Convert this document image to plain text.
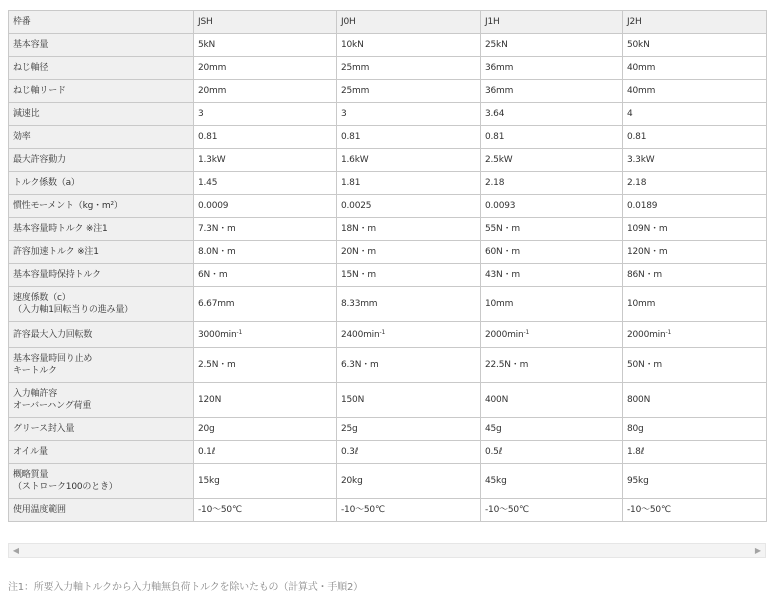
枠番	JSH	J0H	J1H	J2H

基本容量	5kN	10kN	25kN	50kN

ねじ軸径	20mm	25mm	36mm	40mm

ねじ軸リード	20mm	25mm	36mm	40mm

減速比	3	3	3.64	4

効率	0.81	0.81	0.81	0.81

最大許容動力	1.3kW	1.6kW	2.5kW	3.3kW

トルク係数（a）	1.45	1.81	2.18	2.18

慣性モーメント（kg・m²）	0.0009	0.0025	0.0093	0.0189

基本容量時トルク ※注1	7.3N・m	18N・m	55N・m	109N・m

許容加速トルク ※注1	8.0N・m	20N・m	60N・m	120N・m

基本容量時保持トルク	6N・m	15N・m	43N・m	86N・m

速度係数（c）
（入力軸1回転当りの進み量）	6.67mm	8.33mm	10mm	10mm

許容最大入力回転数	$3000\min^{-1}$	$2400\min^{-1}$	$2000\min^{-1}$	$2000\min^{-1}$

基本容量時回り止め
キートルク	2.5N・m	6.3N・m	22.5N・m	50N・m

入力軸許容
オーバーハング荷重	120N	150N	400N	800N

グリース封入量	20g	25g	45g	80g

オイル量	0.1ℓ	0.3ℓ	0.5ℓ	1.8ℓ

概略質量
（ストローク100のとき）	15kg	20kg	45kg	95kg

使用温度範囲	-10～50℃	-10～50℃	-10～50℃	-10～50℃
◀	▶
注1：所要入力軸トルクから入力軸無負荷トルクを除いたもの（計算式・手順2）
